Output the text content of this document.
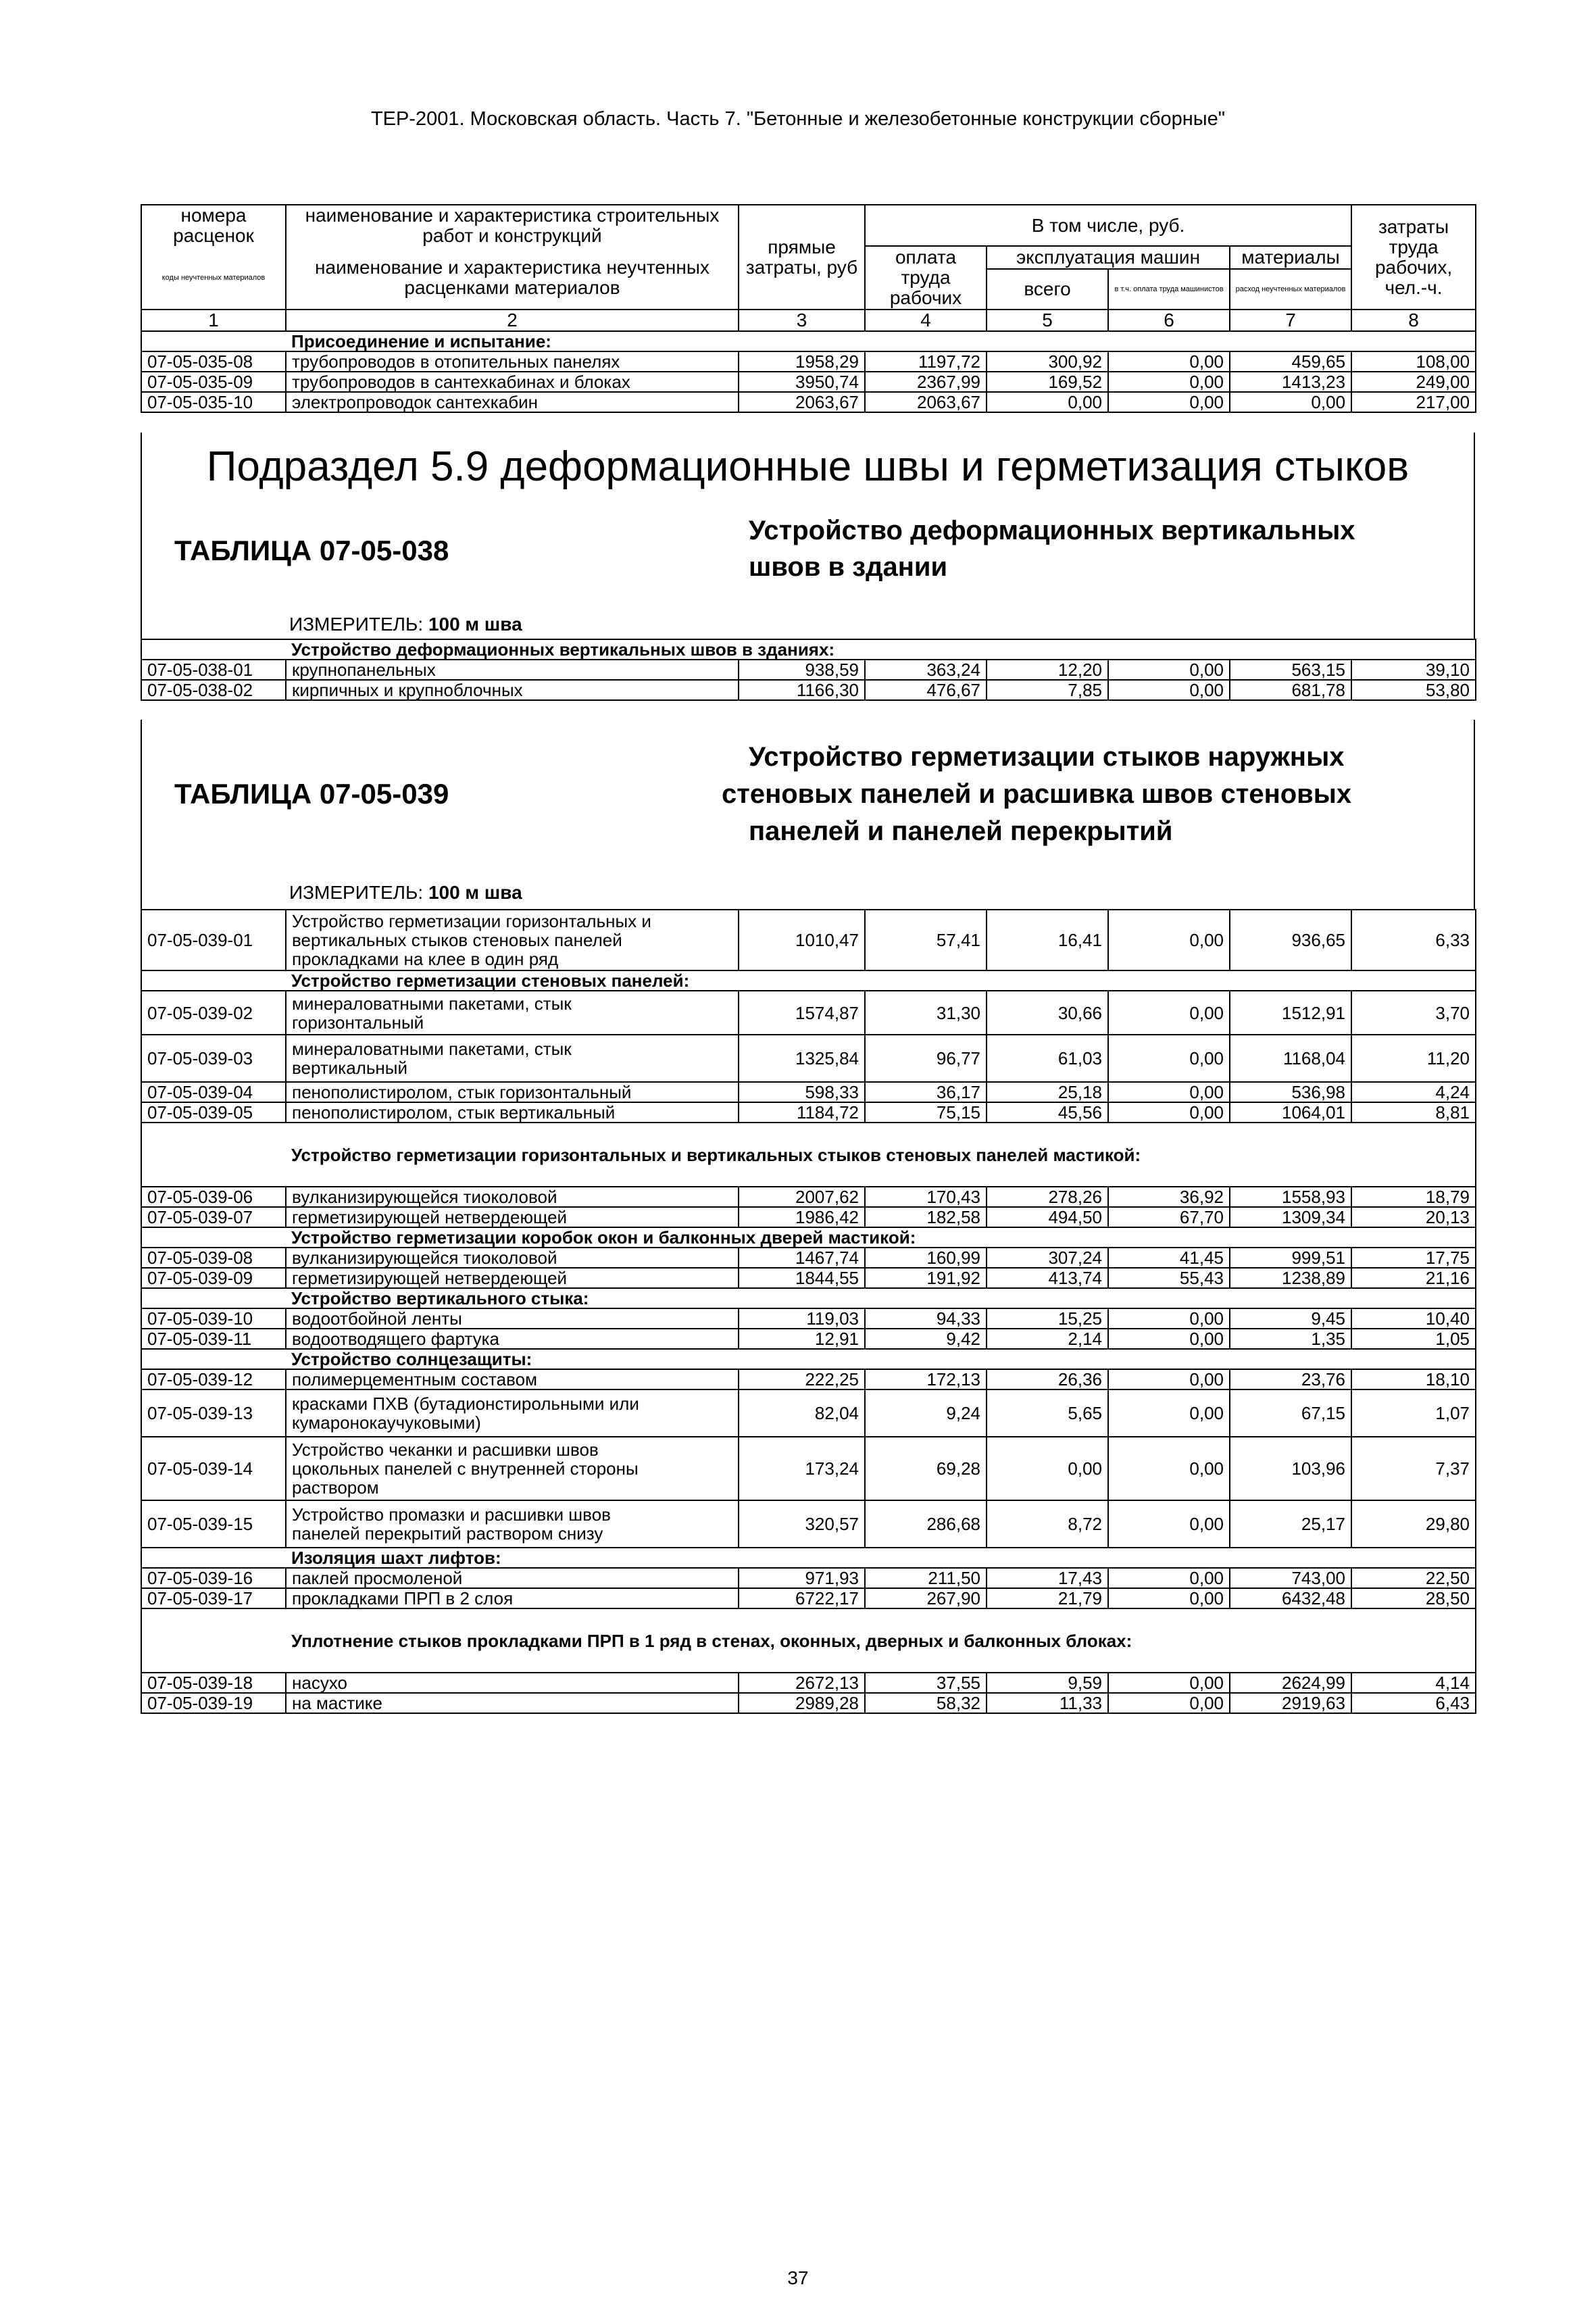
ТЕР-2001. Московская область. Часть 7. "Бетонные и железобетонные конструкции сборные"
номера расценок	наименование и характеристика строительных работ и конструкций	прямые затраты, руб	В том числе, руб.				затраты труда рабочих, чел.-ч.
коды неучтенных материалов	наименование и характеристика неучтенных расценками материалов		оплата труда рабочих	эксплуатация машин		материалы	
				всего	в т.ч. оплата труда машинистов	расход неучтенных материалов	
1	2	3	4	5	6	7	8
	Присоединение и испытание:						
07-05-035-08	трубопроводов в отопительных панелях	1958,29	1197,72	300,92	0,00	459,65	108,00
07-05-035-09	трубопроводов в сантехкабинах и блоках	3950,74	2367,99	169,52	0,00	1413,23	249,00
07-05-035-10	электропроводок сантехкабин	2063,67	2063,67	0,00	0,00	0,00	217,00
Подраздел 5.9 деформационные швы и герметизация стыков
ТАБЛИЦА 07-05-038
Устройство деформационных вертикальных
швов в здании
ИЗМЕРИТЕЛЬ: 100 м шва
	Устройство деформационных вертикальных швов в зданиях:						
07-05-038-01	крупнопанельных	938,59	363,24	12,20	0,00	563,15	39,10
07-05-038-02	кирпичных и крупноблочных	1166,30	476,67	7,85	0,00	681,78	53,80
ТАБЛИЦА 07-05-039
Устройство герметизации стыков наружных
стеновых панелей и расшивка швов стеновых
панелей и панелей перекрытий
ИЗМЕРИТЕЛЬ: 100 м шва
07-05-039-01	Устройство герметизации горизонтальных и
вертикальных стыков стеновых панелей
прокладками на клее в один ряд	1010,47	57,41	16,41	0,00	936,65	6,33
	Устройство герметизации стеновых панелей:						
07-05-039-02	минераловатными пакетами, стык
горизонтальный	1574,87	31,30	30,66	0,00	1512,91	3,70
07-05-039-03	минераловатными пакетами, стык
вертикальный	1325,84	96,77	61,03	0,00	1168,04	11,20
07-05-039-04	пенополистиролом, стык горизонтальный	598,33	36,17	25,18	0,00	536,98	4,24
07-05-039-05	пенополистиролом, стык вертикальный	1184,72	75,15	45,56	0,00	1064,01	8,81
	Устройство герметизации горизонтальных и вертикальных стыков стеновых панелей мастикой:						
07-05-039-06	вулканизирующейся тиоколовой	2007,62	170,43	278,26	36,92	1558,93	18,79
07-05-039-07	герметизирующей нетвердеющей	1986,42	182,58	494,50	67,70	1309,34	20,13
	Устройство герметизации коробок окон и балконных дверей мастикой:						
07-05-039-08	вулканизирующейся тиоколовой	1467,74	160,99	307,24	41,45	999,51	17,75
07-05-039-09	герметизирующей нетвердеющей	1844,55	191,92	413,74	55,43	1238,89	21,16
	Устройство вертикального стыка:						
07-05-039-10	водоотбойной ленты	119,03	94,33	15,25	0,00	9,45	10,40
07-05-039-11	водоотводящего фартука	12,91	9,42	2,14	0,00	1,35	1,05
	Устройство солнцезащиты:						
07-05-039-12	полимерцементным составом	222,25	172,13	26,36	0,00	23,76	18,10
07-05-039-13	красками ПХВ (бутадионстирольными или
кумаронокаучуковыми)	82,04	9,24	5,65	0,00	67,15	1,07
07-05-039-14	Устройство чеканки и расшивки швов
цокольных панелей с внутренней стороны
раствором	173,24	69,28	0,00	0,00	103,96	7,37
07-05-039-15	Устройство промазки и расшивки швов
панелей перекрытий раствором снизу	320,57	286,68	8,72	0,00	25,17	29,80
	Изоляция шахт лифтов:						
07-05-039-16	паклей просмоленой	971,93	211,50	17,43	0,00	743,00	22,50
07-05-039-17	прокладками ПРП в 2 слоя	6722,17	267,90	21,79	0,00	6432,48	28,50
	Уплотнение стыков прокладками ПРП в 1 ряд в стенах, оконных, дверных и балконных блоках:						
07-05-039-18	насухо	2672,13	37,55	9,59	0,00	2624,99	4,14
07-05-039-19	на мастике	2989,28	58,32	11,33	0,00	2919,63	6,43
37
